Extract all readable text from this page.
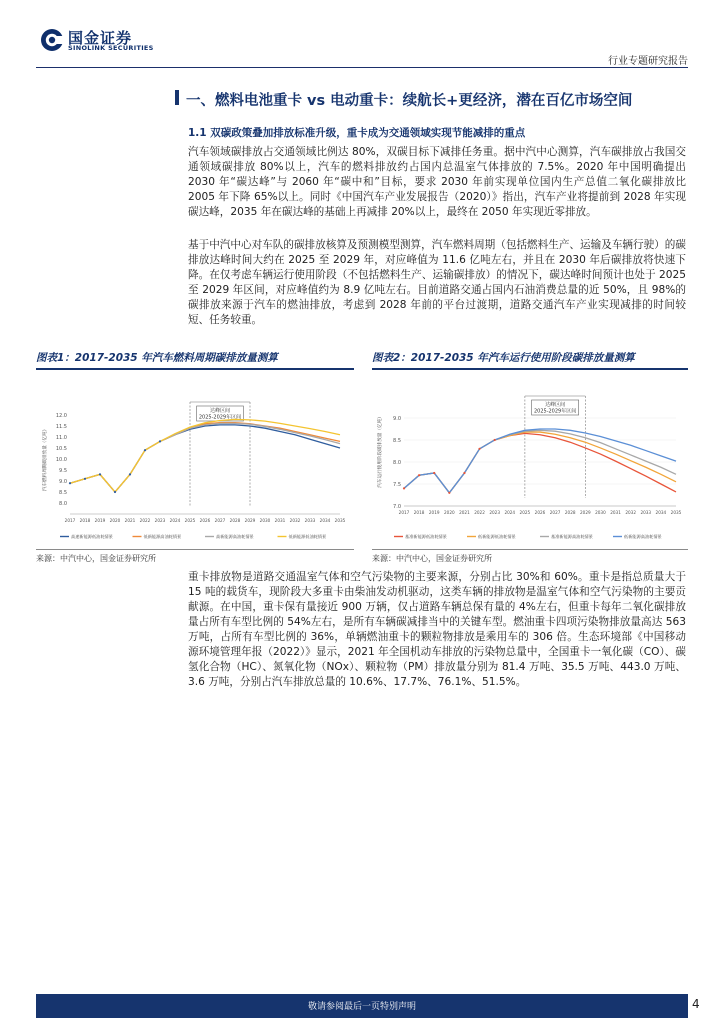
国金证券
SINOLINK SECURITIES
行业专题研究报告
一、燃料电池重卡 vs 电动重卡：续航长+更经济，潜在百亿市场空间
1.1 双碳政策叠加排放标准升级，重卡成为交通领域实现节能减排的重点
汽车领域碳排放占交通领域比例达 80%，双碳目标下减排任务重。据中汽中心测算，汽车碳排放占我国交通领域碳排放 80%以上，汽车的燃料排放约占国内总温室气体排放的 7.5%。2020 年中国明确提出 2030 年“碳达峰”与 2060 年“碳中和”目标，要求 2030 年前实现单位国内生产总值二氧化碳排放比 2005 年下降 65%以上。同时《中国汽车产业发展报告（2020）》指出，汽车产业将提前到 2028 年实现碳达峰，2035 年在碳达峰的基础上再减排 20%以上，最终在 2050 年实现近零排放。
基于中汽中心对车队的碳排放核算及预测模型测算，汽车燃料周期（包括燃料生产、运输及车辆行驶）的碳排放达峰时间大约在 2025 至 2029 年，对应峰值为 11.6 亿吨左右，并且在 2030 年后碳排放将快速下降。在仅考虑车辆运行使用阶段（不包括燃料生产、运输碳排放）的情况下，碳达峰时间预计也处于 2025 至 2029 年区间，对应峰值约为 8.9 亿吨左右。目前道路交通占国内石油消费总量的近 50%，且 98%的碳排放来源于汽车的燃油排放，考虑到 2028 年前的平台过渡期，道路交通汽车产业实现减排的时间较短、任务较重。
图表1：2017-2035 年汽车燃料周期碳排放量测算	图表2：2017-2035 年汽车运行使用阶段碳排放量测算
汽车燃料周期碳排放量（亿吨）
8.0
8.5
9.0
9.5
10.0
10.5
11.0
11.5
12.0
2017 2018 2019 2020 2021 2022 2023 2024 2025 2026 2027 2028 2029 2030 2031 2032 2033 2034 2035
达峰区间
2025-2029年区间
高速新能源低油耗情景	低新能源高油耗情景	高新能源高油耗情景	低新能源低油耗情景
汽车运行使用阶段碳排放量（亿吨）
7.0
7.5
8.0
8.5
9.0
2017 2018 2019 2020 2021 2022 2023 2024 2025 2026 2027 2028 2029 2030 2031 2032 2033 2034 2035
达峰区间
2025-2029年区间
基准新能源低油耗情景	低新能源低油耗情景	基准新能源高油耗情景	低新能源高油耗情景
来源：中汽中心，国金证券研究所	来源：中汽中心，国金证券研究所
重卡排放物是道路交通温室气体和空气污染物的主要来源，分别占比 30%和 60%。重卡是指总质量大于 15 吨的载货车，现阶段大多重卡由柴油发动机驱动，这类车辆的排放物是温室气体和空气污染物的主要贡献源。在中国，重卡保有量接近 900 万辆，仅占道路车辆总保有量的 4%左右，但重卡每年二氧化碳排放量占所有车型比例的 54%左右，是所有车辆碳减排当中的关键车型。燃油重卡四项污染物排放量高达 563 万吨，占所有车型比例的 36%，单辆燃油重卡的颗粒物排放是乘用车的 306 倍。生态环境部《中国移动源环境管理年报（2022）》显示，2021 年全国机动车排放的污染物总量中，全国重卡一氧化碳（CO）、碳氢化合物（HC）、氮氧化物（NOx）、颗粒物（PM）排放量分别为 81.4 万吨、35.5 万吨、443.0 万吨、3.6 万吨，分别占汽车排放总量的 10.6%、17.7%、76.1%、51.5%。
敬请参阅最后一页特别声明	4
